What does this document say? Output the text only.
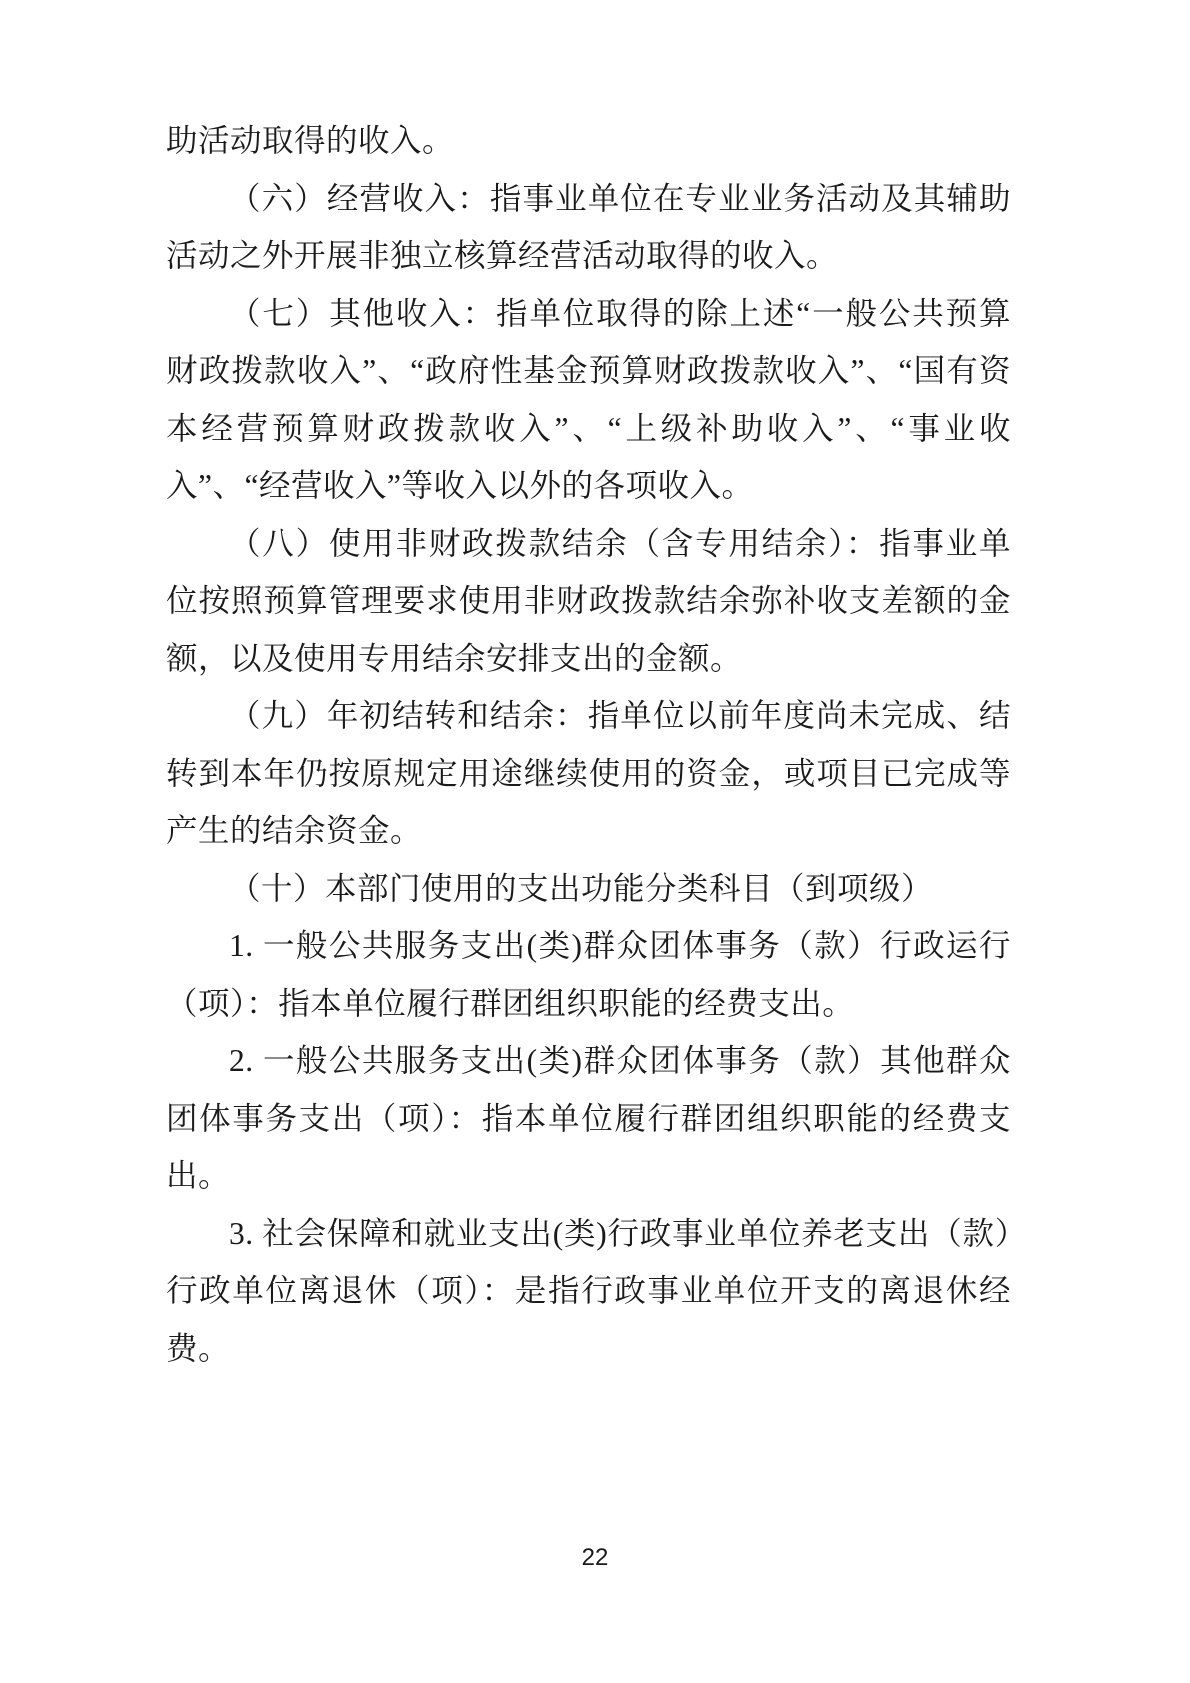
助活动取得的收入。

（六）经营收入：指事业单位在专业业务活动及其辅助活动之外开展非独立核算经营活动取得的收入。

（七）其他收入：指单位取得的除上述“一般公共预算财政拨款收入”、“政府性基金预算财政拨款收入”、“国有资本经营预算财政拨款收入”、“上级补助收入”、“事业收入”、“经营收入”等收入以外的各项收入。

（八）使用非财政拨款结余（含专用结余）：指事业单位按照预算管理要求使用非财政拨款结余弥补收支差额的金额，以及使用专用结余安排支出的金额。

（九）年初结转和结余：指单位以前年度尚未完成、结转到本年仍按原规定用途继续使用的资金，或项目已完成等产生的结余资金。

（十）本部门使用的支出功能分类科目（到项级）

1. 一般公共服务支出(类)群众团体事务（款）行政运行（项）：指本单位履行群团组织职能的经费支出。

2. 一般公共服务支出(类)群众团体事务（款）其他群众团体事务支出（项）：指本单位履行群团组织职能的经费支出。

3. 社会保障和就业支出(类)行政事业单位养老支出（款）行政单位离退休（项）：是指行政事业单位开支的离退休经费。

22
